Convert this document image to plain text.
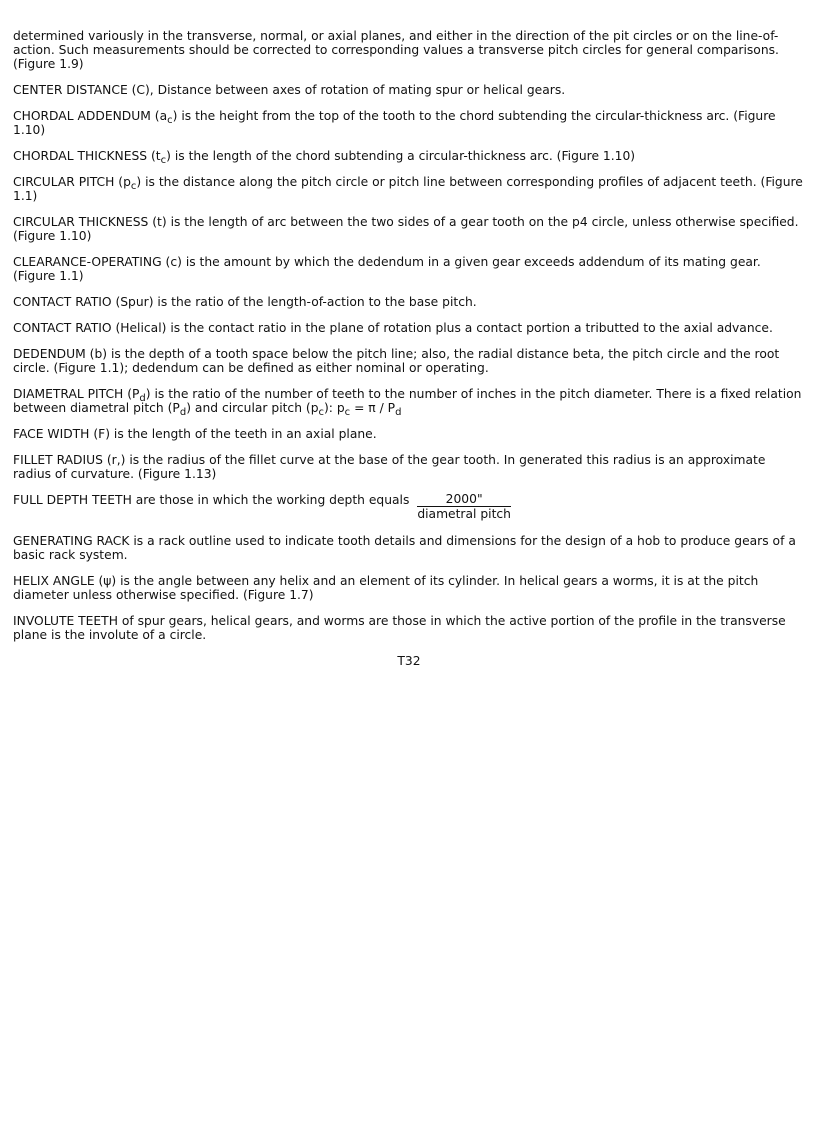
determined variously in the transverse, normal, or axial planes, and either in the direction of the pit circles or on the line-of-action. Such measurements should be corrected to corresponding values a transverse pitch circles for general comparisons. (Figure 1.9)

CENTER DISTANCE (C), Distance between axes of rotation of mating spur or helical gears.

CHORDAL ADDENDUM $(a_c)$ is the height from the top of the tooth to the chord subtending the circular-thickness arc. (Figure 1.10)

CHORDAL THICKNESS $(t_c)$ is the length of the chord subtending a circular-thickness arc. (Figure 1.10)

CIRCULAR PITCH $(p_c)$ is the distance along the pitch circle or pitch line between corresponding profiles of adjacent teeth. (Figure 1.1)

CIRCULAR THICKNESS (t) is the length of arc between the two sides of a gear tooth on the p4 circle, unless otherwise specified. (Figure 1.10)

CLEARANCE-OPERATING (c) is the amount by which the dedendum in a given gear exceeds addendum of its mating gear. (Figure 1.1)

CONTACT RATIO (Spur) is the ratio of the length-of-action to the base pitch.

CONTACT RATIO (Helical) is the contact ratio in the plane of rotation plus a contact portion a tributted to the axial advance.

DEDENDUM (b) is the depth of a tooth space below the pitch line; also, the radial distance beta, the pitch circle and the root circle. (Figure 1.1); dedendum can be defined as either nominal or operating.

DIAMETRAL PITCH $(P_d)$ is the ratio of the number of teeth to the number of inches in the pitch diameter. There is a fixed relation between diametral pitch $(P_d)$ and circular pitch $(p_c)$: $p_c = \pi / P_d$

FACE WIDTH (F) is the length of the teeth in an axial plane.

FILLET RADIUS (r,) is the radius of the fillet curve at the base of the gear tooth. In generated this radius is an approximate radius of curvature. (Figure 1.13)

FULL DEPTH TEETH are those in which the working depth equals $\frac{2000"}{\text{diametral pitch}}$

GENERATING RACK is a rack outline used to indicate tooth details and dimensions for the design of a hob to produce gears of a basic rack system.

HELIX ANGLE (ψ) is the angle between any helix and an element of its cylinder. In helical gears a worms, it is at the pitch diameter unless otherwise specified. (Figure 1.7)

INVOLUTE TEETH of spur gears, helical gears, and worms are those in which the active portion of the profile in the transverse plane is the involute of a circle.

T32
